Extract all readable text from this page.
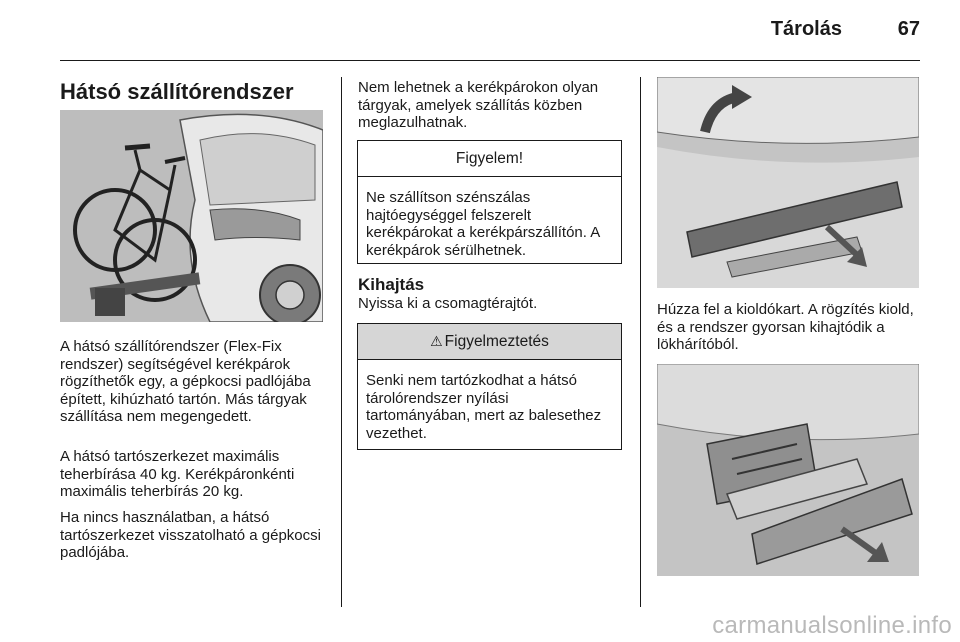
Tárolás	67
Hátsó szállítórendszer

A hátsó szállítórendszer (Flex-Fix rendszer) segítségével kerékpárok rögzíthetők egy, a gépkocsi padlójába épített, kihúzható tartón. Más tárgyak szállítása nem megengedett.

A hátsó tartószerkezet maximális teherbírása 40 kg. Kerékpáronkénti maximális teherbírás 20 kg.

Ha nincs használatban, a hátsó tartószerkezet visszatolható a gépkocsi padlójába.

Nem lehetnek a kerékpárokon olyan tárgyak, amelyek szállítás közben meglazulhatnak.

Figyelem!
Ne szállítson szénszálas hajtóegységgel felszerelt kerékpárokat a kerékpárszállítón. A kerékpárok sérülhetnek.
Kihajtás

Nyissa ki a csomagtérajtót.

⚠ Figyelmeztetés
Senki nem tartózkodhat a hátsó tárolórendszer nyílási tartományában, mert az balesethez vezethet.

Húzza fel a kioldókart. A rögzítés kiold, és a rendszer gyorsan kihajtódik a lökhárítóból.

carmanualsonline.info
